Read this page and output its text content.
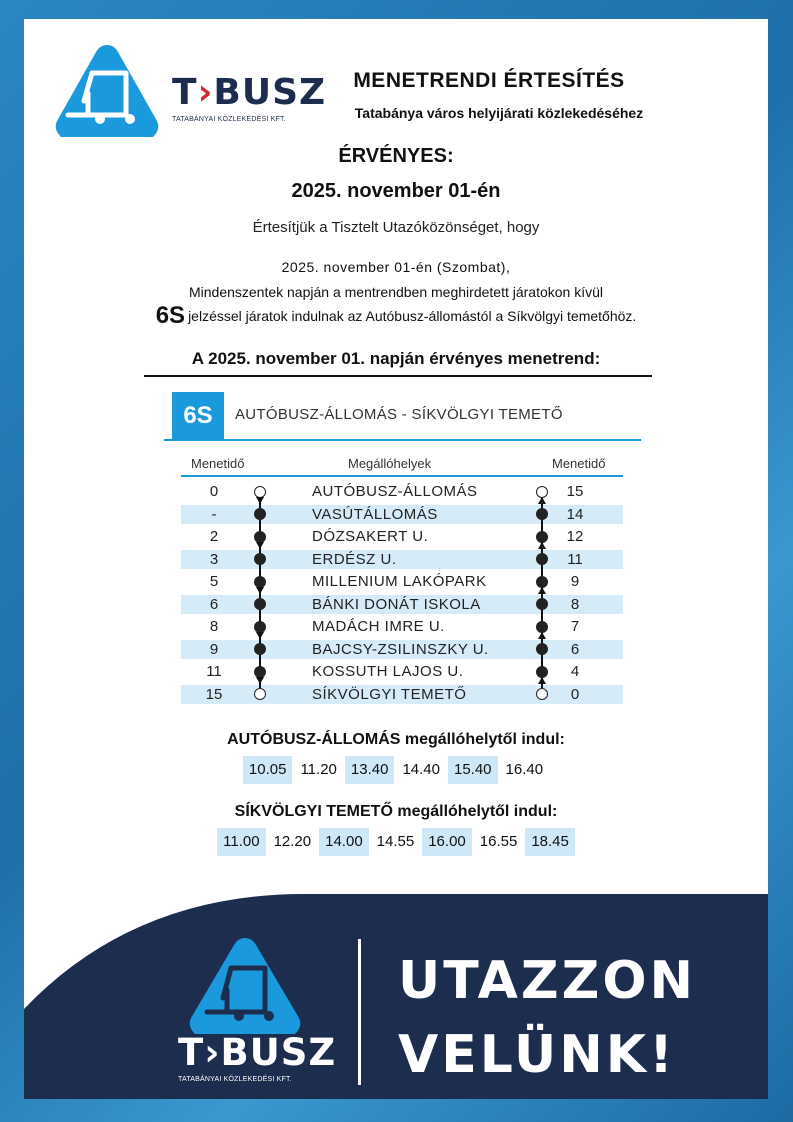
T›BUSZ
TATABÁNYAI KÖZLEKEDÉSI KFT.
MENETRENDI ÉRTESÍTÉS
Tatabánya város helyijárati közlekedéséhez
ÉRVÉNYES:
2025. november 01-én
Értesítjük a Tisztelt Utazóközönséget, hogy
2025. november 01-én (Szombat),
Mindenszentek napján a mentrendben meghirdetett járatokon kívül
6S jelzéssel járatok indulnak az Autóbusz-állomástól a Síkvölgyi temetőhöz.
A 2025. november 01. napján érvényes menetrend:
6S	AUTÓBUSZ-ÁLLOMÁS - SÍKVÖLGYI TEMETŐ
Menetidő	Megállóhelyek	Menetidő
0	AUTÓBUSZ-ÁLLOMÁS	15
-	VASÚTÁLLOMÁS	14
2	DÓZSAKERT U.	12
3	ERDÉSZ U.	11
5	MILLENIUM LAKÓPARK	9
6	BÁNKI DONÁT ISKOLA	8
8	MADÁCH IMRE U.	7
9	BAJCSY-ZSILINSZKY U.	6
11	KOSSUTH LAJOS U.	4
15	SÍKVÖLGYI TEMETŐ	0
AUTÓBUSZ-ÁLLOMÁS megállóhelytől indul:
10.05 11.20 13.40 14.40 15.40 16.40
SÍKVÖLGYI TEMETŐ megállóhelytől indul:
11.00 12.20 14.00 14.55 16.00 16.55 18.45
T›BUSZ
TATABÁNYAI KÖZLEKEDÉSI KFT.
UTAZZON
VELÜNK!
